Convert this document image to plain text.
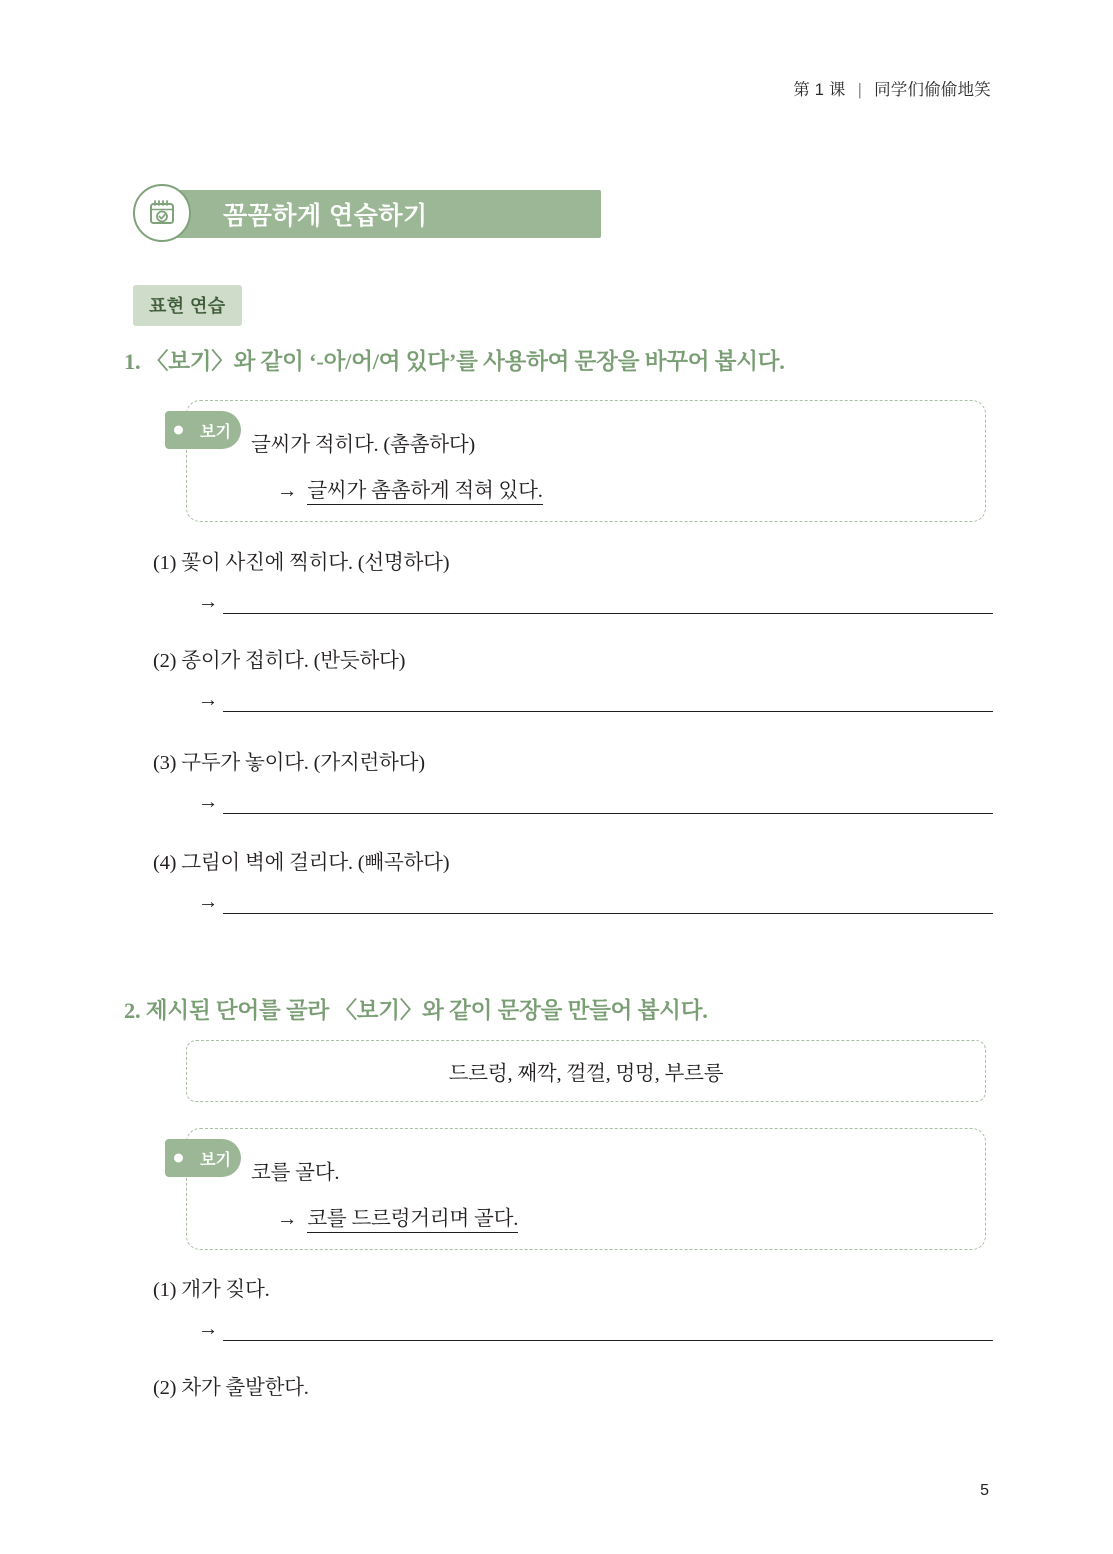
第 1 课 | 同学们偷偷地笑
꼼꼼하게 연습하기
표현 연습
1. 〈보기〉와 같이 ‘-아/어/여 있다’를 사용하여 문장을 바꾸어 봅시다.
보기
글씨가 적히다. (촘촘하다)
→ 글씨가 촘촘하게 적혀 있다.
(1) 꽃이 사진에 찍히다. (선명하다)
→
(2) 종이가 접히다. (반듯하다)
→
(3) 구두가 놓이다. (가지런하다)
→
(4) 그림이 벽에 걸리다. (빼곡하다)
→
2. 제시된 단어를 골라 〈보기〉와 같이 문장을 만들어 봅시다.
드르렁, 째깍, 껄껄, 멍멍, 부르릉
보기
코를 골다.
→ 코를 드르렁거리며 골다.
(1) 개가 짖다.
→
(2) 차가 출발한다.
5
